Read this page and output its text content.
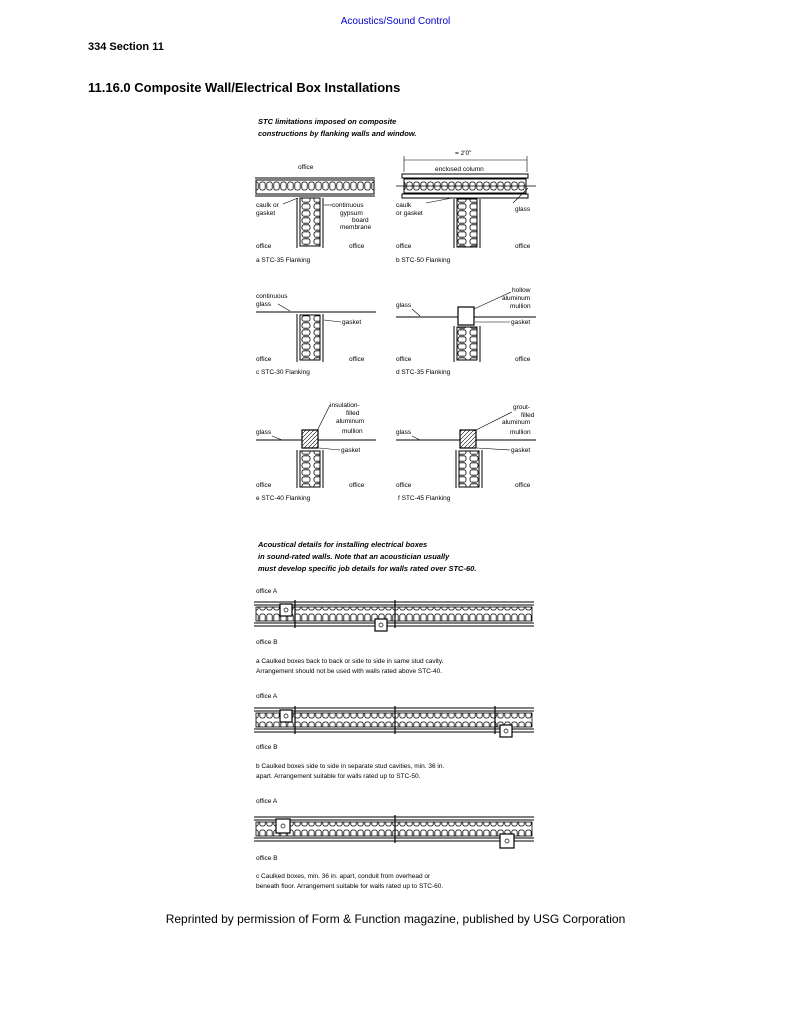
Acoustics/Sound Control
334 Section 11
11.16.0 Composite Wall/Electrical Box Installations
STC limitations imposed on composite
constructions by flanking walls and window.
office
caulk or
gasket
continuous
gypsum
board
membrane
office	office
a STC-35 Flanking
= 2'0"
enclosed column
caulk
or gasket
glass
office	office
b STC-50 Flanking
continuous
glass
gasket
office	office
c STC-30 Flanking
hollow
aluminum
mullion
glass
gasket
office	office
d STC-35 Flanking
insulation-
filled
aluminum
mullion
glass
gasket
office	office
e STC-40 Flanking
grout-
filled
aluminum
mullion
glass
gasket
office	office
f STC-45 Flanking
Acoustical details for installing electrical boxes
in sound-rated walls. Note that an acoustician usually
must develop specific job details for walls rated over STC-60.
office A
office B
a Caulked boxes back to back or side to side in same stud cavity.
Arrangement should not be used with walls rated above STC-40.
office A
office B
b Caulked boxes side to side in separate stud cavities, min. 36 in.
apart. Arrangement suitable for walls rated up to STC-50.
office A
office B
c Caulked boxes, min. 36 in. apart, conduit from overhead or
beneath floor. Arrangement suitable for walls rated up to STC-60.
Reprinted by permission of Form & Function magazine, published by USG Corporation
